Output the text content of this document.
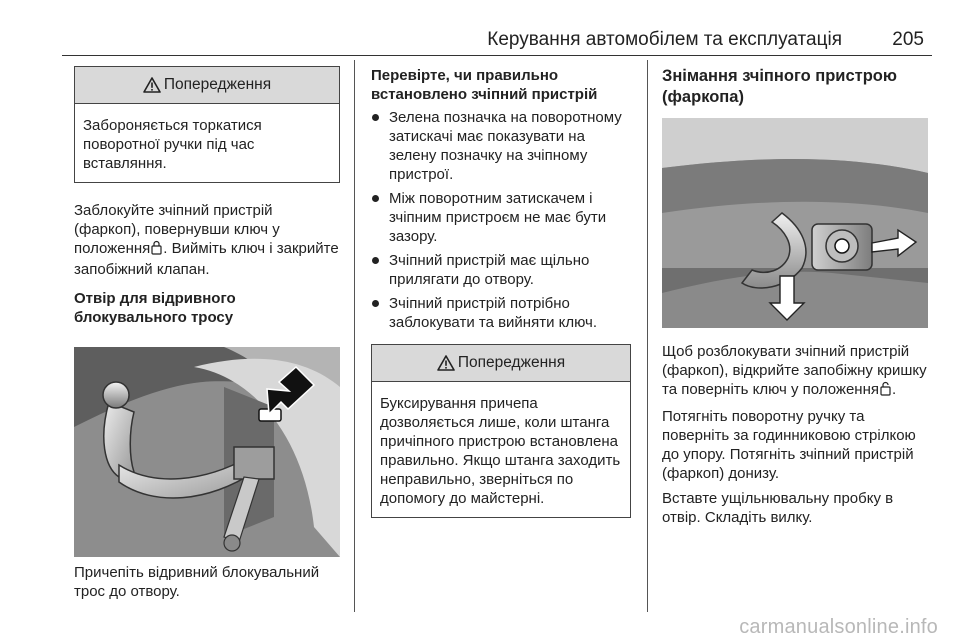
Керування автомобілем та експлуатація	205
Попередження
Забороняється торкатися поворотної ручки під час вставляння.

Заблокуйте зчіпний пристрій (фаркоп), повернувши ключ у положення . Вийміть ключ і закрийте запобіжний клапан.

Отвір для відривного блокувального тросу

Причепіть відривний блокувальний трос до отвору.

Перевірте, чи правильно встановлено зчіпний пристрій

Зелена позначка на поворотному затискачі має показувати на зелену позначку на зчіпному пристрої.
Між поворотним затискачем і зчіпним пристроєм не має бути зазору.
Зчіпний пристрій має щільно прилягати до отвору.
Зчіпний пристрій потрібно заблокувати та вийняти ключ.
Попередження
Буксирування причепа дозволяється лише, коли штанга причіпного пристрою встановлена правильно. Якщо штанга заходить неправильно, зверніться по допомогу до майстерні.

Знімання зчіпного пристрою (фаркопа)

Щоб розблокувати зчіпний пристрій (фаркоп), відкрийте запобіжну кришку та поверніть ключ у положення .

Потягніть поворотну ручку та поверніть за годинниковою стрілкою до упору. Потягніть зчіпний пристрій (фаркоп) донизу.

Вставте ущільнювальну пробку в отвір. Складіть вилку.

carmanualsonline.info
